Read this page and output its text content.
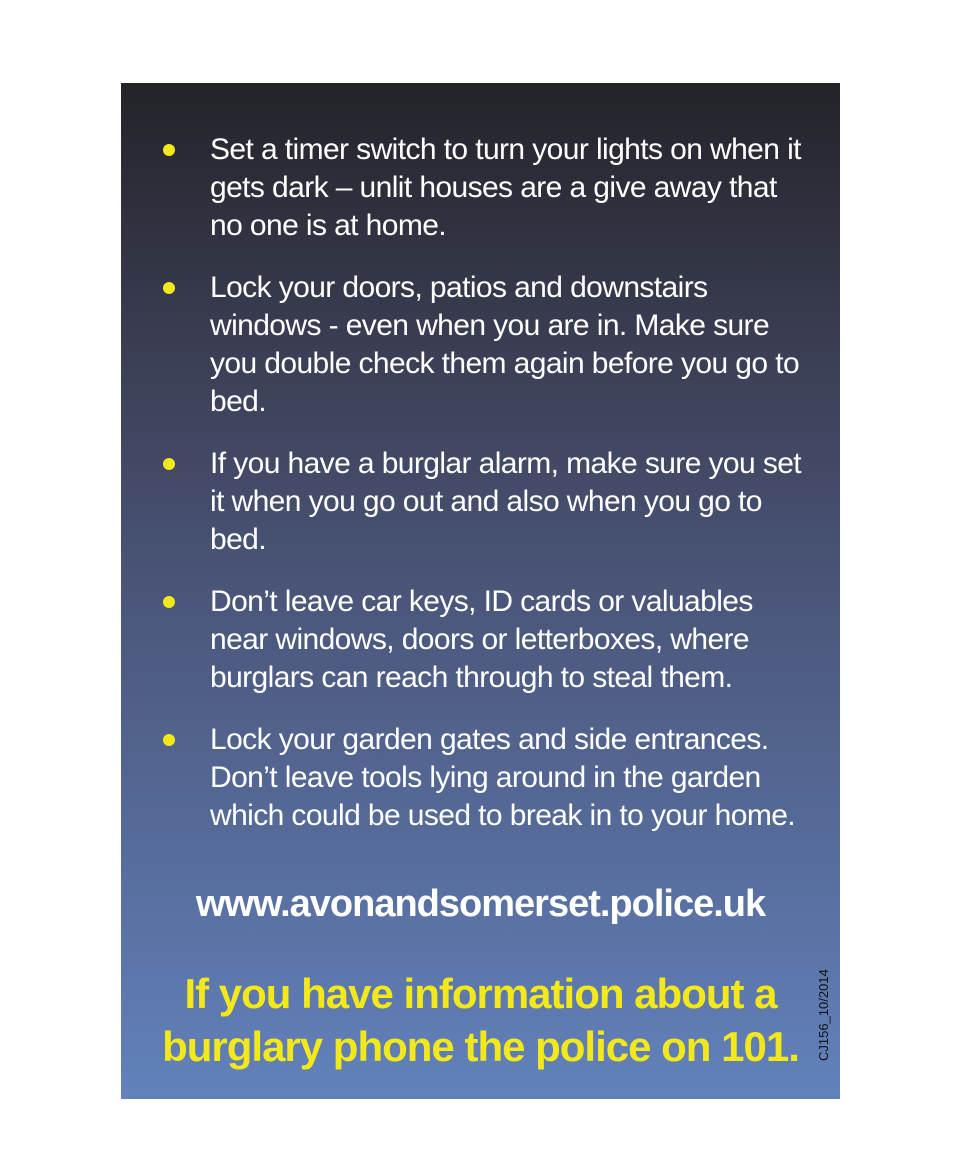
Set a timer switch to turn your lights on when it gets dark – unlit houses are a give away that no one is at home.
Lock your doors, patios and downstairs windows - even when you are in. Make sure you double check them again before you go to bed.
If you have a burglar alarm, make sure you set it when you go out and also when you go to bed.
Don’t leave car keys, ID cards or valuables near windows, doors or letterboxes, where burglars can reach through to steal them.
Lock your garden gates and side entrances. Don’t leave tools lying around in the garden which could be used to break in to your home.
www.avonandsomerset.police.uk
If you have information about a burglary phone the police on 101.	CJ156_10/2014
